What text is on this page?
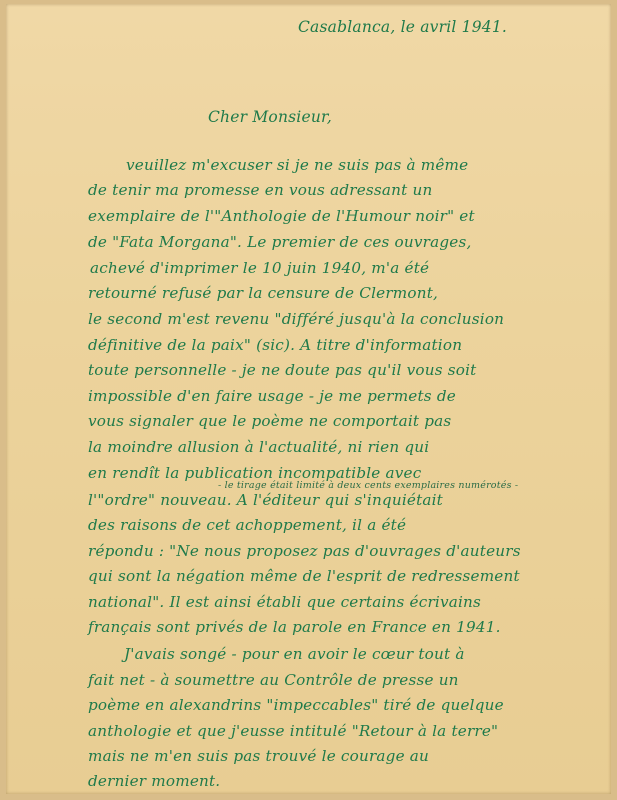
Casablanca, le avril 1941.
Cher Monsieur,
veuillez m'excuser si je ne suis pas à même
de tenir ma promesse en vous adressant un
exemplaire de l'"Anthologie de l'Humour noir" et
de "Fata Morgana". Le premier de ces ouvrages,
achevé d'imprimer le 10 juin 1940, m'a été
retourné refusé par la censure de Clermont,
le second m'est revenu "différé jusqu'à la conclusion
définitive de la paix" (sic). A titre d'information
toute personnelle - je ne doute pas qu'il vous soit
impossible d'en faire usage - je me permets de
vous signaler que le poème ne comportait pas
la moindre allusion à l'actualité, ni rien qui
en rendît la publication incompatible avec
- le tirage était limité à deux cents exemplaires numérotés -
l'"ordre" nouveau. A l'éditeur qui s'inquiétait
des raisons de cet achoppement, il a été
répondu : "Ne nous proposez pas d'ouvrages d'auteurs
qui sont la négation même de l'esprit de redressement
national". Il est ainsi établi que certains écrivains
français sont privés de la parole en France en 1941.
J'avais songé - pour en avoir le cœur tout à
fait net - à soumettre au Contrôle de presse un
poème en alexandrins "impeccables" tiré de quelque
anthologie et que j'eusse intitulé "Retour à la terre"
mais ne m'en suis pas trouvé le courage au
dernier moment.
